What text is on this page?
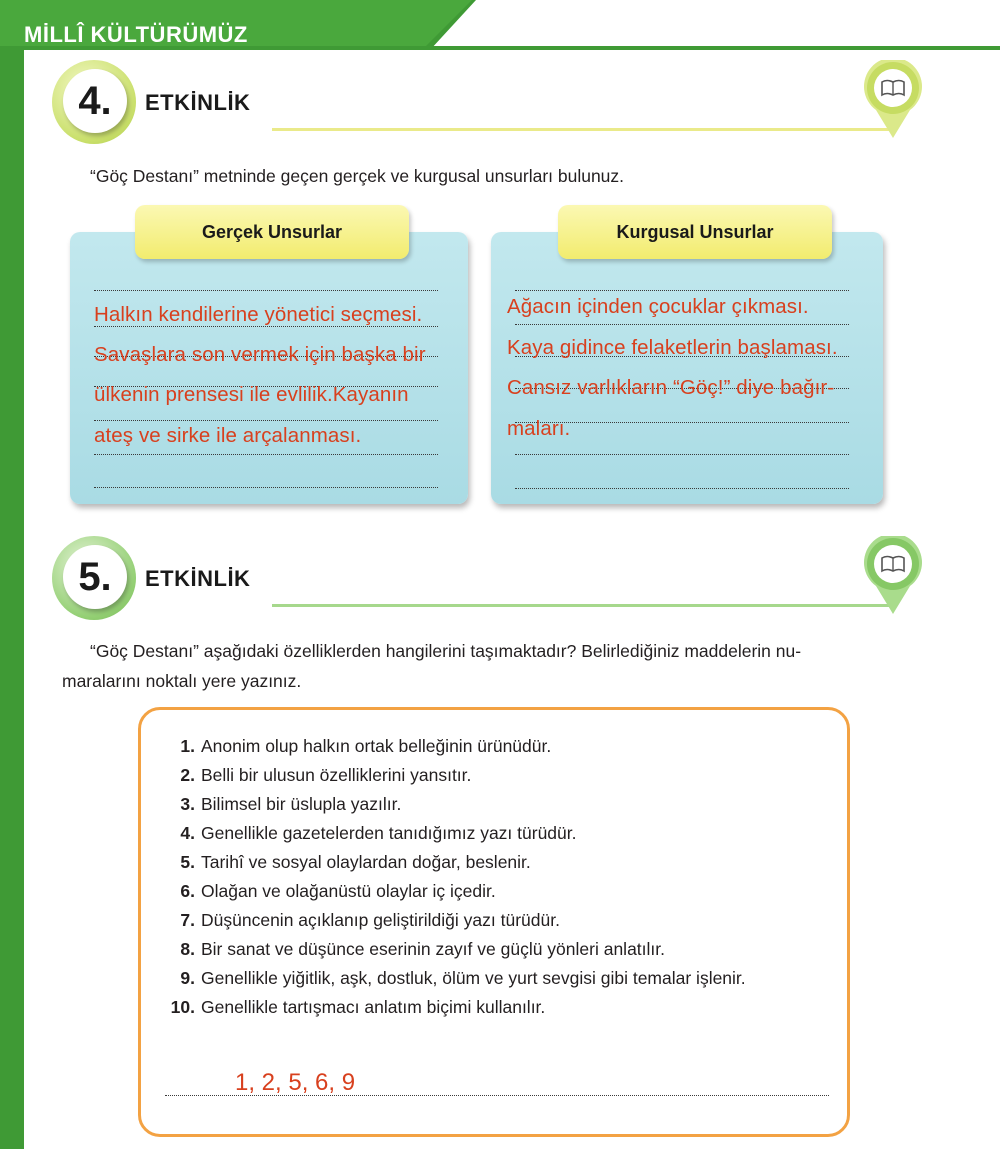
MİLLÎ KÜLTÜRÜMÜZ
4.	ETKİNLİK
“Göç Destanı” metninde geçen gerçek ve kurgusal unsurları bulunuz.
Gerçek Unsurlar
Halkın kendilerine yönetici seçmesi.
Savaşlara son vermek için başka bir
ülkenin prensesi ile evlilik.Kayanın
ateş ve sirke ile arçalanması.
Kurgusal Unsurlar
Ağacın içinden çocuklar çıkması.
Kaya gidince felaketlerin başlaması.
Cansız varlıkların “Göç!” diye bağır-
maları.
5.	ETKİNLİK
“Göç Destanı” aşağıdaki özelliklerden hangilerini taşımaktadır? Belirlediğiniz maddelerin nu-
maralarını noktalı yere yazınız.
1. Anonim olup halkın ortak belleğinin ürünüdür.
2. Belli bir ulusun özelliklerini yansıtır.
3. Bilimsel bir üslupla yazılır.
4. Genellikle gazetelerden tanıdığımız yazı türüdür.
5. Tarihî ve sosyal olaylardan doğar, beslenir.
6. Olağan ve olağanüstü olaylar iç içedir.
7. Düşüncenin açıklanıp geliştirildiği yazı türüdür.
8. Bir sanat ve düşünce eserinin zayıf ve güçlü yönleri anlatılır.
9. Genellikle yiğitlik, aşk, dostluk, ölüm ve yurt sevgisi gibi temalar işlenir.
10. Genellikle tartışmacı anlatım biçimi kullanılır.
1, 2, 5, 6, 9
